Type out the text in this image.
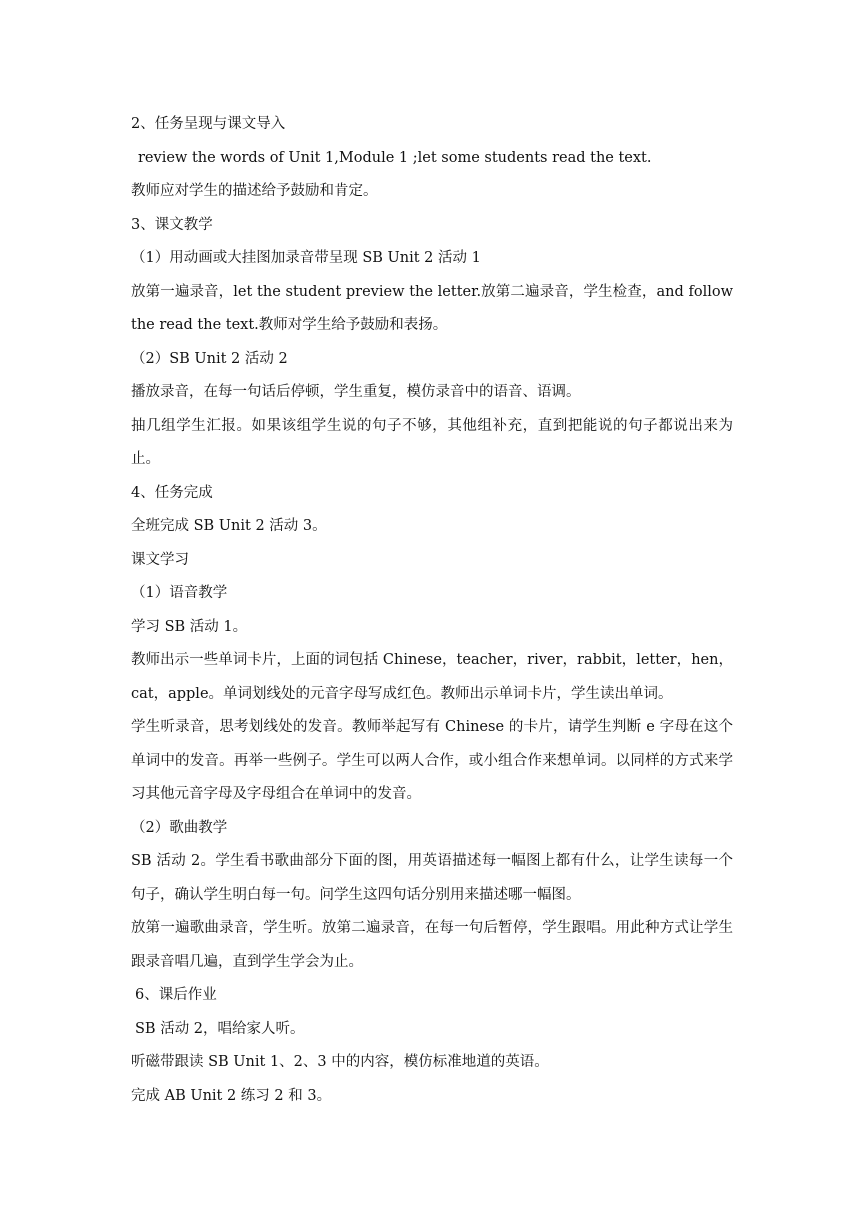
2、任务呈现与课文导入

review the words of Unit 1,Module 1 ;let some students read the text.

教师应对学生的描述给予鼓励和肯定。

3、课文教学

（1）用动画或大挂图加录音带呈现 SB Unit 2 活动 1

放第一遍录音，let the student preview the letter.放第二遍录音，学生检查，and follow the read the text.教师对学生给予鼓励和表扬。

（2）SB Unit 2 活动 2

播放录音，在每一句话后停顿，学生重复，模仿录音中的语音、语调。

抽几组学生汇报。如果该组学生说的句子不够，其他组补充，直到把能说的句子都说出来为止。

4、任务完成

全班完成 SB Unit 2 活动 3。

课文学习

（1）语音教学

学习 SB 活动 1。

教师出示一些单词卡片，上面的词包括 Chinese，teacher，river，rabbit，letter，hen，cat，apple。单词划线处的元音字母写成红色。教师出示单词卡片，学生读出单词。

学生听录音，思考划线处的发音。教师举起写有 Chinese 的卡片，请学生判断 e 字母在这个单词中的发音。再举一些例子。学生可以两人合作，或小组合作来想单词。以同样的方式来学习其他元音字母及字母组合在单词中的发音。

（2）歌曲教学

SB 活动 2。学生看书歌曲部分下面的图，用英语描述每一幅图上都有什么，让学生读每一个句子，确认学生明白每一句。问学生这四句话分别用来描述哪一幅图。

放第一遍歌曲录音，学生听。放第二遍录音，在每一句后暂停，学生跟唱。用此种方式让学生跟录音唱几遍，直到学生学会为止。

6、课后作业

SB 活动 2，唱给家人听。

听磁带跟读 SB Unit 1、2、3 中的内容，模仿标准地道的英语。

完成 AB Unit 2 练习 2 和 3。
